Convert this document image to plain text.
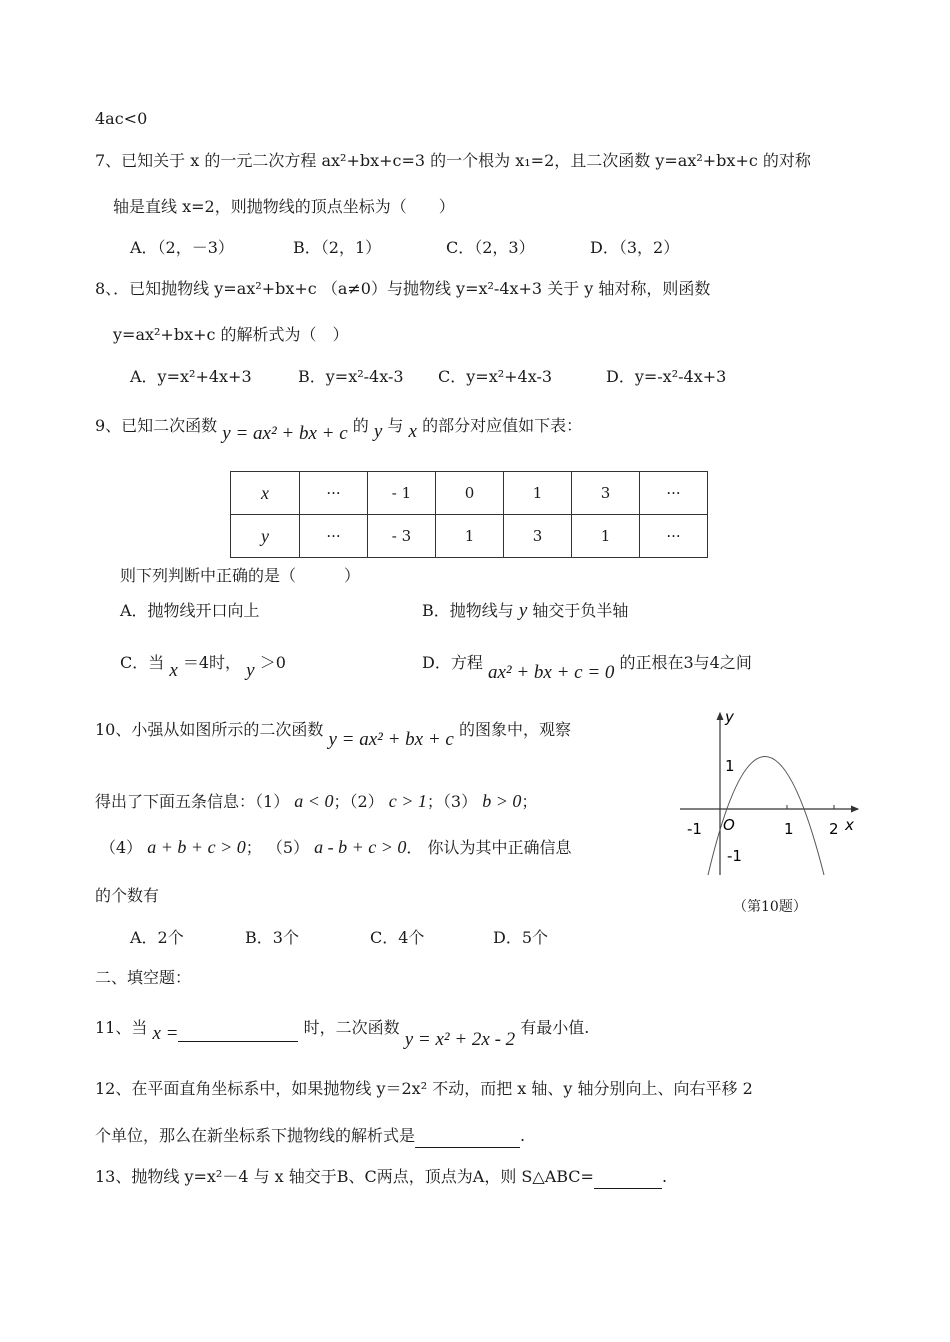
4ac<0
7、已知关于 x 的一元二次方程 ax²+bx+c=3 的一个根为 x₁=2，且二次函数 y=ax²+bx+c 的对称
轴是直线 x=2，则抛物线的顶点坐标为（　　）
A．（2，－3）	B．（2，1）	C．（2，3）	D．（3，2）
8、．已知抛物线 y=ax²+bx+c （a≠0）与抛物线 y=x²-4x+3 关于 y 轴对称，则函数
y=ax²+bx+c 的解析式为（　）
A．y=x²+4x+3	B．y=x²-4x-3 C．y=x²+4x-3	D．y=-x²-4x+3
9、已知二次函数 y = ax² + bx + c 的 y 与 x 的部分对应值如下表：
x	···	- 1	0	1	3	···
y	···	- 3	1	3	1	···
则下列判断中正确的是（　　　）
A．抛物线开口向上	B．抛物线与 y 轴交于负半轴
C．当 x ＝4时， y ＞0	D．方程 ax² + bx + c = 0 的正根在3与4之间
10、小强从如图所示的二次函数 y = ax² + bx + c 的图象中，观察
得出了下面五条信息：（1） a < 0；（2） c > 1；（3） b > 0；
（4） a + b + c > 0； （5） a - b + c > 0． 你认为其中正确信息
的个数有
A．2个	B．3个	C．4个	D．5个
y
x
1
-1 O	1 2
-1
（第10题）
二、填空题：
11、当 x =	时，二次函数 y = x² + 2x - 2 有最小值.
12、在平面直角坐标系中，如果抛物线 y＝2x² 不动，而把 x 轴、y 轴分别向上、向右平移 2
个单位，那么在新坐标系下抛物线的解析式是	.
13、抛物线 y=x²－4 与 x 轴交于B、C两点，顶点为A，则 S△ABC=	.
